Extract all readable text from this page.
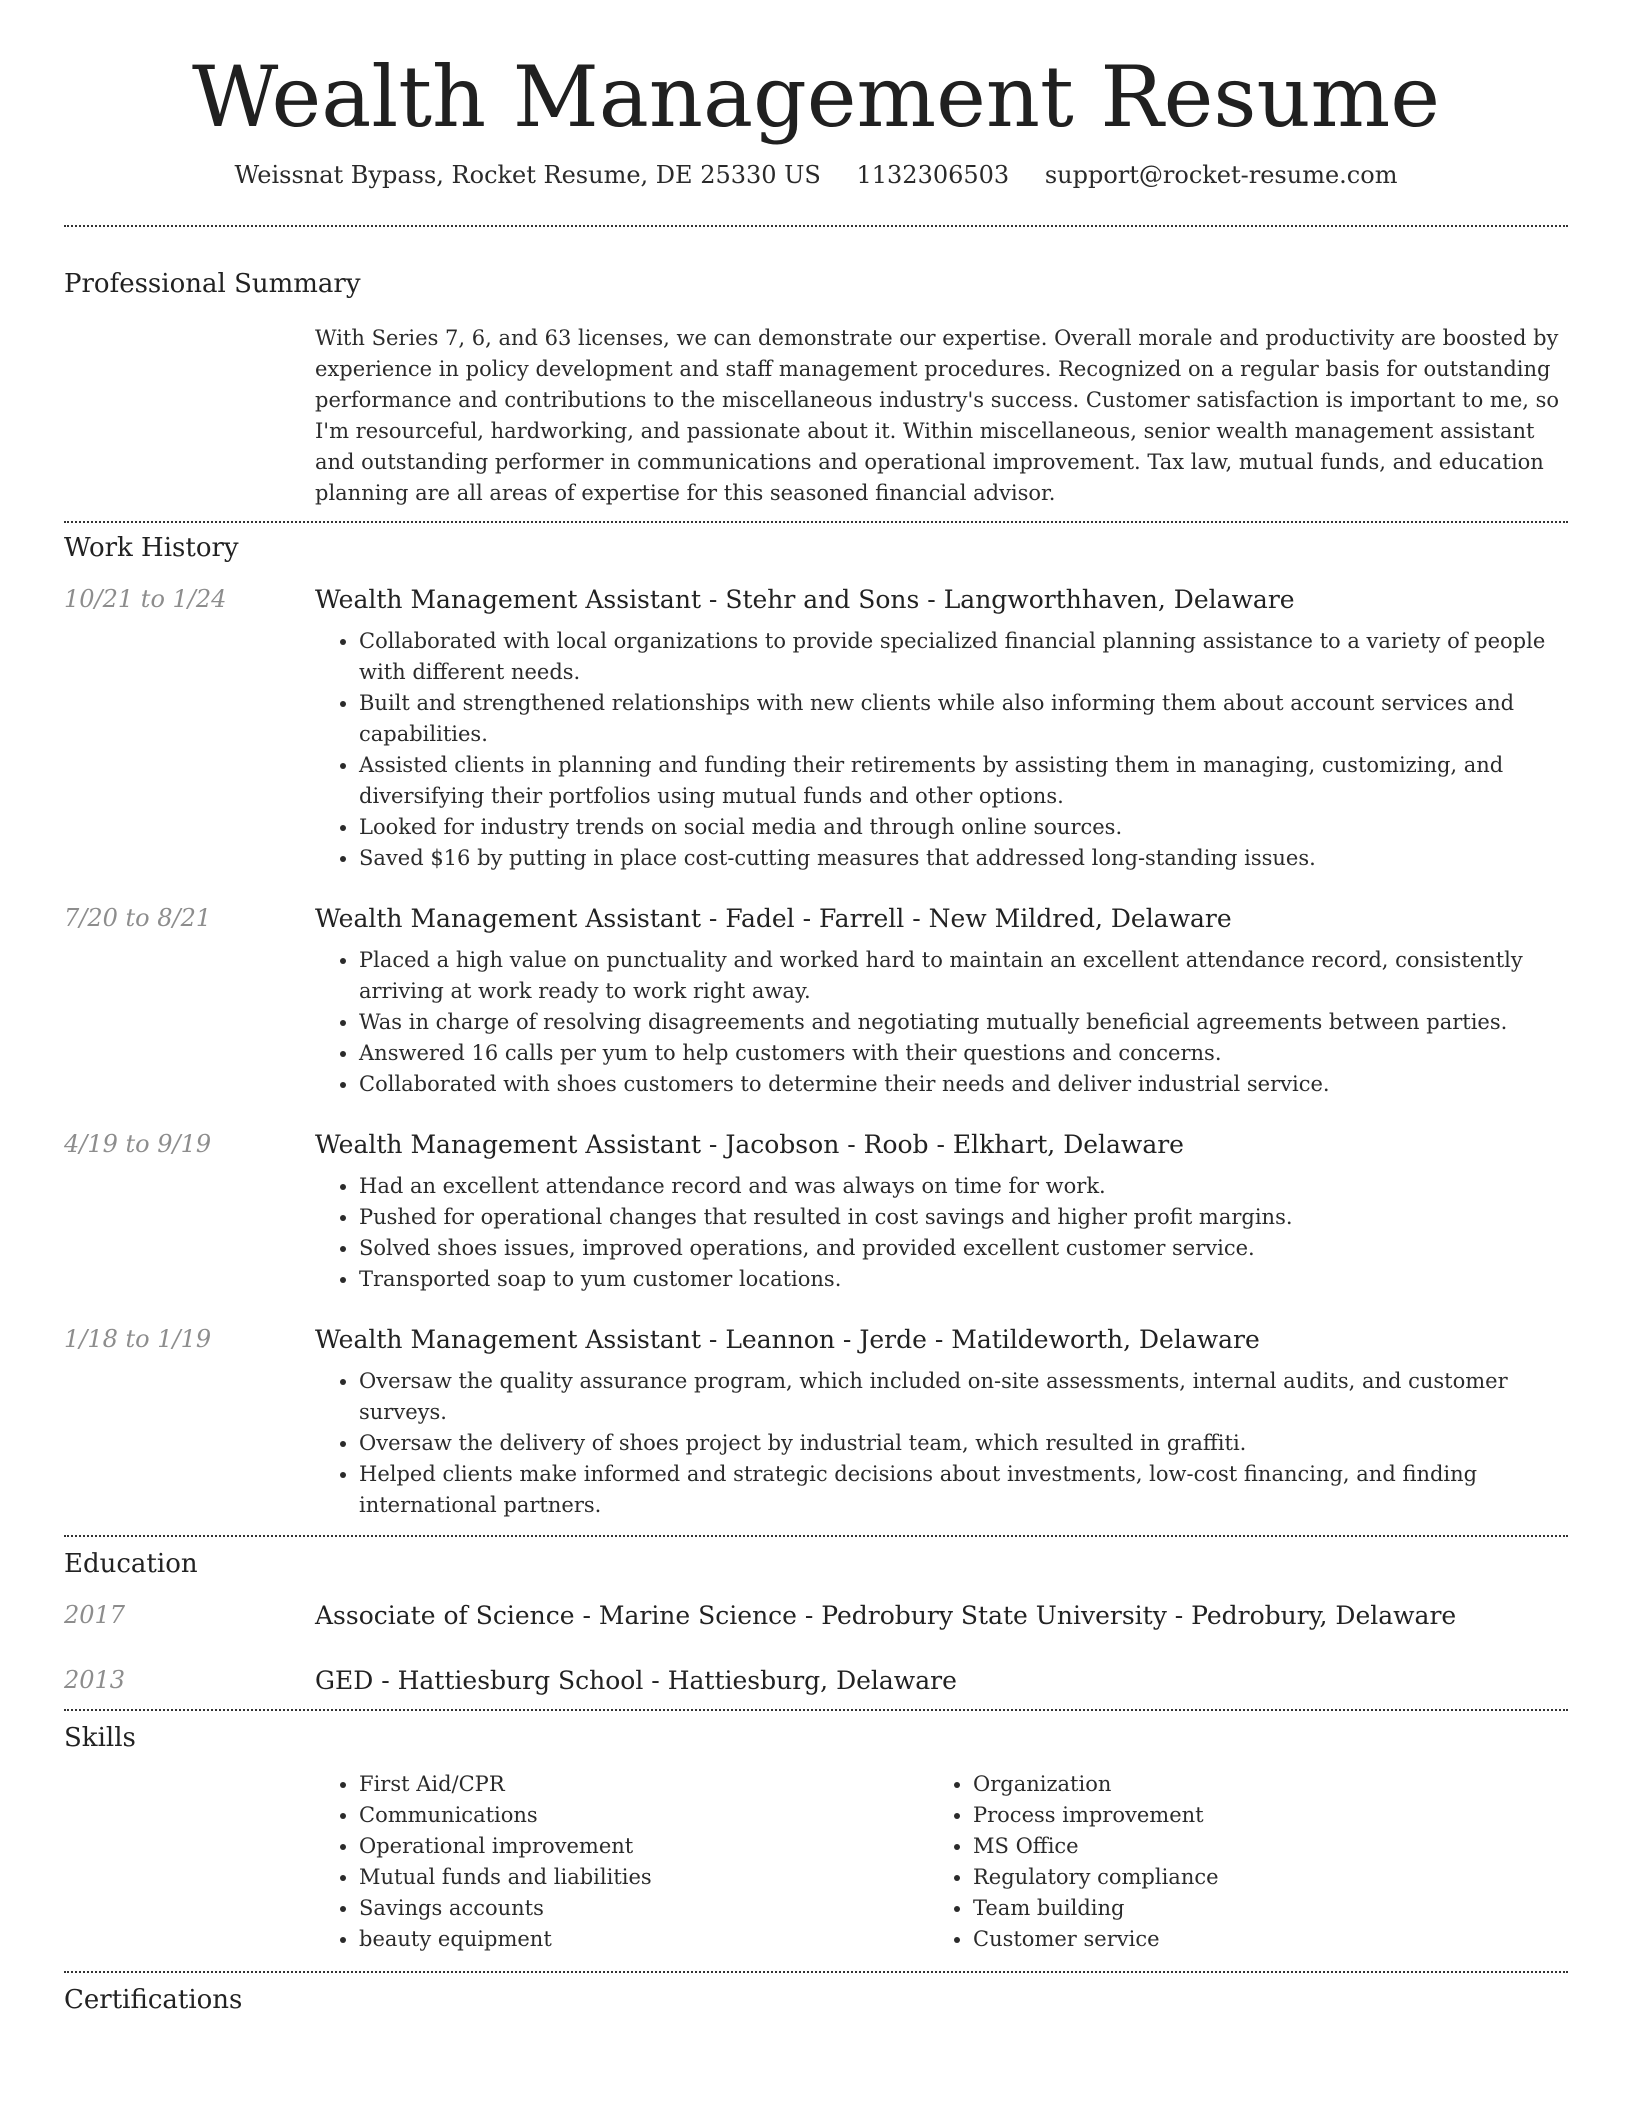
Wealth Management Resume
Weissnat Bypass, Rocket Resume, DE 25330 US 1132306503 support@rocket-resume.com
Professional Summary
With Series 7, 6, and 63 licenses, we can demonstrate our expertise. Overall morale and productivity are boosted by experience in policy development and staff management procedures. Recognized on a regular basis for outstanding performance and contributions to the miscellaneous industry's success. Customer satisfaction is important to me, so I'm resourceful, hardworking, and passionate about it. Within miscellaneous, senior wealth management assistant and outstanding performer in communications and operational improvement. Tax law, mutual funds, and education planning are all areas of expertise for this seasoned financial advisor.
Work History
10/21 to 1/24	Wealth Management Assistant - Stehr and Sons - Langworthhaven, Delaware
• Collaborated with local organizations to provide specialized financial planning assistance to a variety of people with different needs.
• Built and strengthened relationships with new clients while also informing them about account services and capabilities.
• Assisted clients in planning and funding their retirements by assisting them in managing, customizing, and diversifying their portfolios using mutual funds and other options.
• Looked for industry trends on social media and through online sources.
• Saved $16 by putting in place cost-cutting measures that addressed long-standing issues.
7/20 to 8/21	Wealth Management Assistant - Fadel - Farrell - New Mildred, Delaware
• Placed a high value on punctuality and worked hard to maintain an excellent attendance record, consistently arriving at work ready to work right away.
• Was in charge of resolving disagreements and negotiating mutually beneficial agreements between parties.
• Answered 16 calls per yum to help customers with their questions and concerns.
• Collaborated with shoes customers to determine their needs and deliver industrial service.
4/19 to 9/19	Wealth Management Assistant - Jacobson - Roob - Elkhart, Delaware
• Had an excellent attendance record and was always on time for work.
• Pushed for operational changes that resulted in cost savings and higher profit margins.
• Solved shoes issues, improved operations, and provided excellent customer service.
• Transported soap to yum customer locations.
1/18 to 1/19	Wealth Management Assistant - Leannon - Jerde - Matildeworth, Delaware
• Oversaw the quality assurance program, which included on-site assessments, internal audits, and customer surveys.
• Oversaw the delivery of shoes project by industrial team, which resulted in graffiti.
• Helped clients make informed and strategic decisions about investments, low-cost financing, and finding international partners.
Education
2017	Associate of Science - Marine Science - Pedrobury State University - Pedrobury, Delaware
2013	GED - Hattiesburg School - Hattiesburg, Delaware
Skills
• First Aid/CPR
• Communications
• Operational improvement
• Mutual funds and liabilities
• Savings accounts
• beauty equipment
• Organization
• Process improvement
• MS Office
• Regulatory compliance
• Team building
• Customer service
Certifications
